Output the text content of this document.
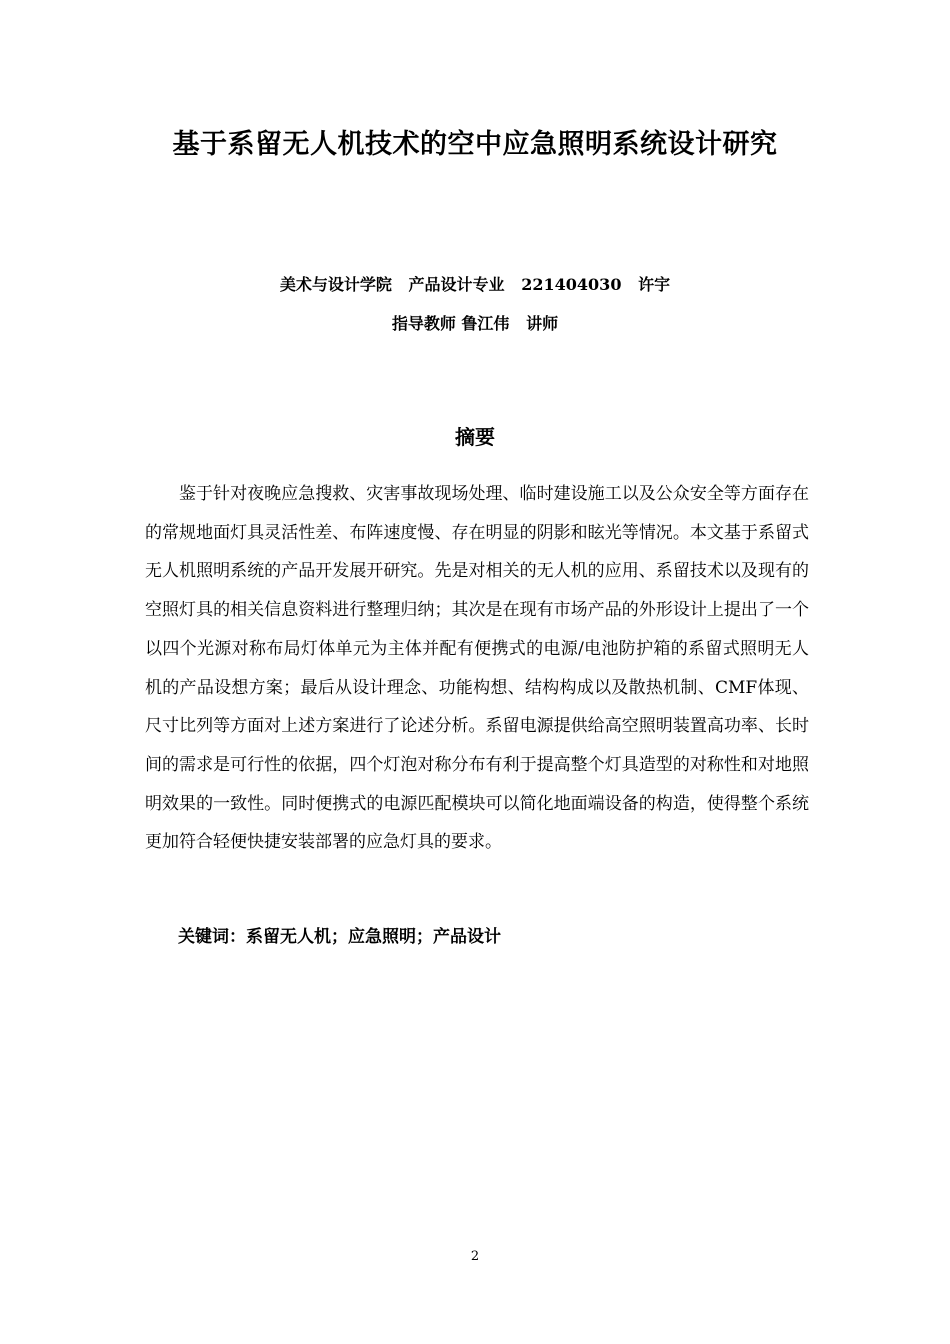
基于系留无人机技术的空中应急照明系统设计研究
美术与设计学院   产品设计专业   221404030   许宇
指导教师 鲁江伟   讲师
摘要

鉴于针对夜晚应急搜救、灾害事故现场处理、临时建设施工以及公众安全等方面存在的常规地面灯具灵活性差、布阵速度慢、存在明显的阴影和眩光等情况。本文基于系留式无人机照明系统的产品开发展开研究。先是对相关的无人机的应用、系留技术以及现有的空照灯具的相关信息资料进行整理归纳；其次是在现有市场产品的外形设计上提出了一个以四个光源对称布局灯体单元为主体并配有便携式的电源/电池防护箱的系留式照明无人机的产品设想方案；最后从设计理念、功能构想、结构构成以及散热机制、CMF体现、尺寸比列等方面对上述方案进行了论述分析。系留电源提供给高空照明装置高功率、长时间的需求是可行性的依据，四个灯泡对称分布有利于提高整个灯具造型的对称性和对地照明效果的一致性。同时便携式的电源匹配模块可以简化地面端设备的构造，使得整个系统更加符合轻便快捷安装部署的应急灯具的要求。

关键词：系留无人机；应急照明；产品设计
2
